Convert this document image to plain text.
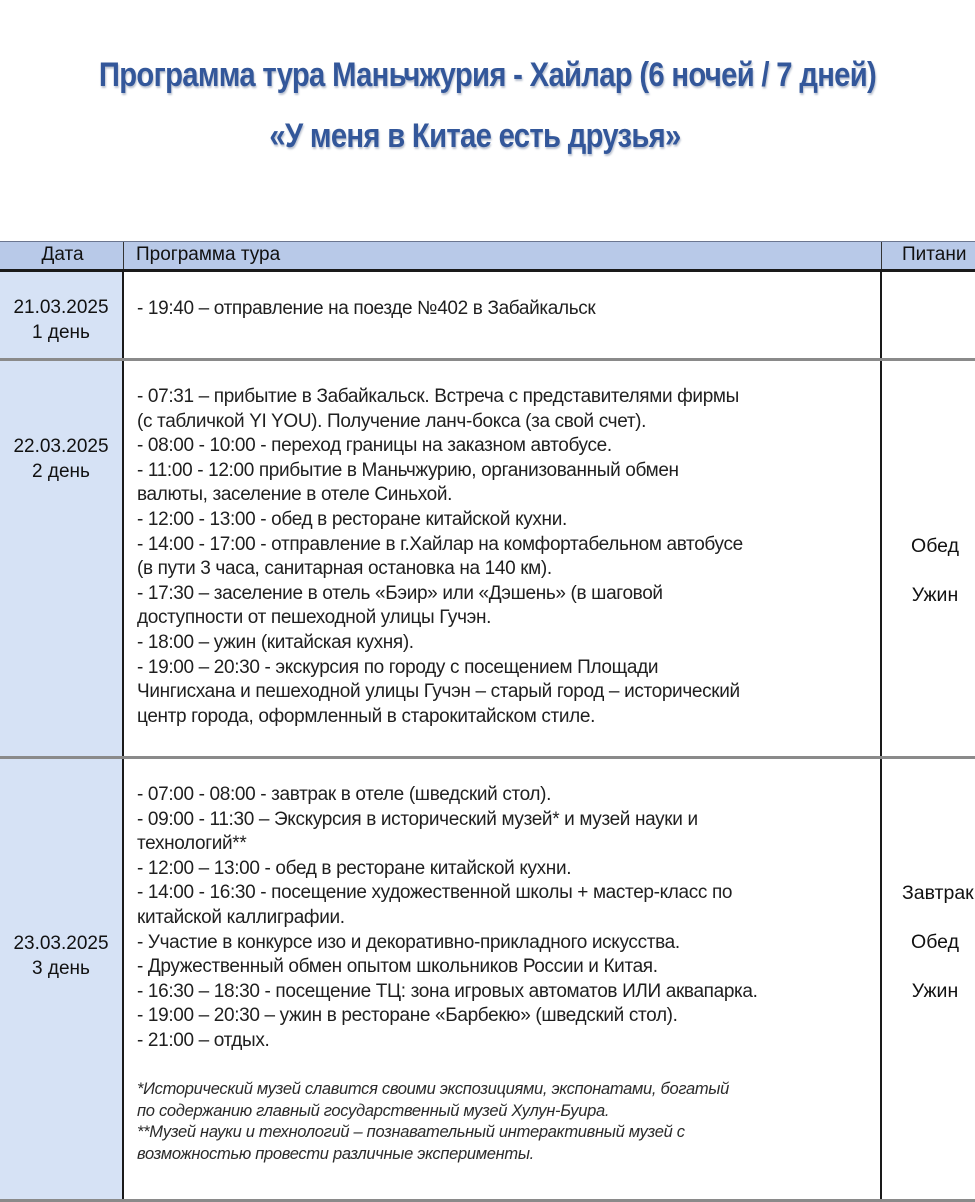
Программа тура Маньчжурия - Хайлар (6 ночей / 7 дней)
«У меня в Китае есть друзья»
Дата	Программа тура	Питани
21.03.2025
1 день
- 19:40 – отправление на поезде №402 в Забайкальск
22.03.2025
2 день
- 07:31 – прибытие в Забайкальск. Встреча с представителями фирмы
(с табличкой YI YOU). Получение ланч-бокса (за свой счет).
- 08:00 - 10:00 - переход границы на заказном автобусе.
- 11:00 - 12:00 прибытие в Маньчжурию, организованный обмен
валюты, заселение в отеле Синьхой.
- 12:00 - 13:00 - обед в ресторане китайской кухни.
- 14:00 - 17:00 - отправление в г.Хайлар на комфортабельном автобусе
(в пути 3 часа, санитарная остановка на 140 км).
- 17:30 – заселение в отель «Бэир» или «Дэшень» (в шаговой
доступности от пешеходной улицы Гучэн.
- 18:00 – ужин (китайская кухня).
- 19:00 – 20:30 - экскурсия по городу с посещением Площади
Чингисхана и пешеходной улицы Гучэн – старый город – исторический
центр города, оформленный в старокитайском стиле.
Обед
Ужин
23.03.2025
3 день
- 07:00 - 08:00 - завтрак в отеле (шведский стол).
- 09:00 - 11:30 – Экскурсия в исторический музей* и музей науки и
технологий**
- 12:00 – 13:00 - обед в ресторане китайской кухни.
- 14:00 - 16:30 - посещение художественной школы + мастер-класс по
китайской каллиграфии.
- Участие в конкурсе изо и декоративно-прикладного искусства.
- Дружественный обмен опытом школьников России и Китая.
- 16:30 – 18:30 - посещение ТЦ: зона игровых автоматов ИЛИ аквапарка.
- 19:00 – 20:30 – ужин в ресторане «Барбекю» (шведский стол).
- 21:00 – отдых.
*Исторический музей славится своими экспозициями, экспонатами, богатый
по содержанию главный государственный музей Хулун-Буира.
**Музей науки и технологий – познавательный интерактивный музей с
возможностью провести различные эксперименты.
Завтрак
Обед
Ужин
